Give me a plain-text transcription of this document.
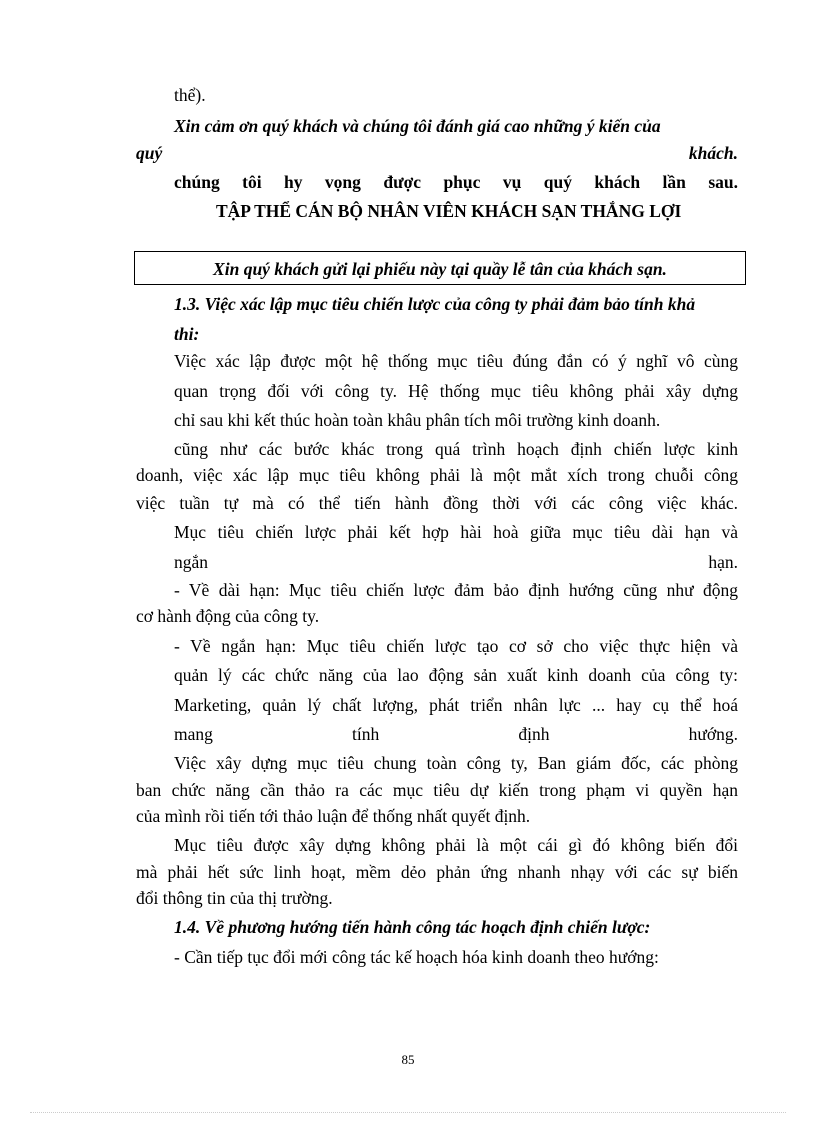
thể).
Xin cảm ơn quý khách và chúng tôi đánh giá cao những ý kiến của
quý khách.
chúng tôi hy vọng được phục vụ quý khách lần sau.
TẬP THỂ CÁN BỘ NHÂN VIÊN KHÁCH SẠN THẮNG LỢI
Xin quý khách gửi lại phiếu này tại quầy lễ tân của khách sạn.
1.3. Việc xác lập mục tiêu chiến lược của công ty phải đảm bảo tính khả
thi:
Việc xác lập được một hệ thống mục tiêu đúng đắn có ý nghĩ vô cùng
quan trọng đối với công ty. Hệ thống mục tiêu không phải xây dựng
chỉ sau khi kết thúc hoàn toàn khâu phân tích môi trường kinh doanh.
cũng như các bước khác trong quá trình hoạch định chiến lược kinh
doanh, việc xác lập mục tiêu không phải là một mắt xích trong chuỗi công
việc tuần tự mà có thể tiến hành đồng thời với các công việc khác.
Mục tiêu chiến lược phải kết hợp hài hoà giữa mục tiêu dài hạn và
ngắn hạn.
- Về dài hạn: Mục tiêu chiến lược đảm bảo định hướng cũng như động
cơ hành động của công ty.
- Về ngắn hạn: Mục tiêu chiến lược tạo cơ sở cho việc thực hiện và
quản lý các chức năng của lao động sản xuất kinh doanh của công ty:
Marketing, quản lý chất lượng, phát triển nhân lực ... hay cụ thể hoá
mang tính định hướng.
Việc xây dựng mục tiêu chung toàn công ty, Ban giám đốc, các phòng
ban chức năng cần thảo ra các mục tiêu dự kiến trong phạm vi quyền hạn
của mình rồi tiến tới thảo luận để thống nhất quyết định.
Mục tiêu được xây dựng không phải là một cái gì đó không biến đổi
mà phải hết sức linh hoạt, mềm dẻo phản ứng nhanh nhạy với các sự biến
đổi thông tin của thị trường.
1.4. Về phương hướng tiến hành công tác hoạch định chiến lược:
- Cần tiếp tục đổi mới công tác kế hoạch hóa kinh doanh theo hướng:
85
